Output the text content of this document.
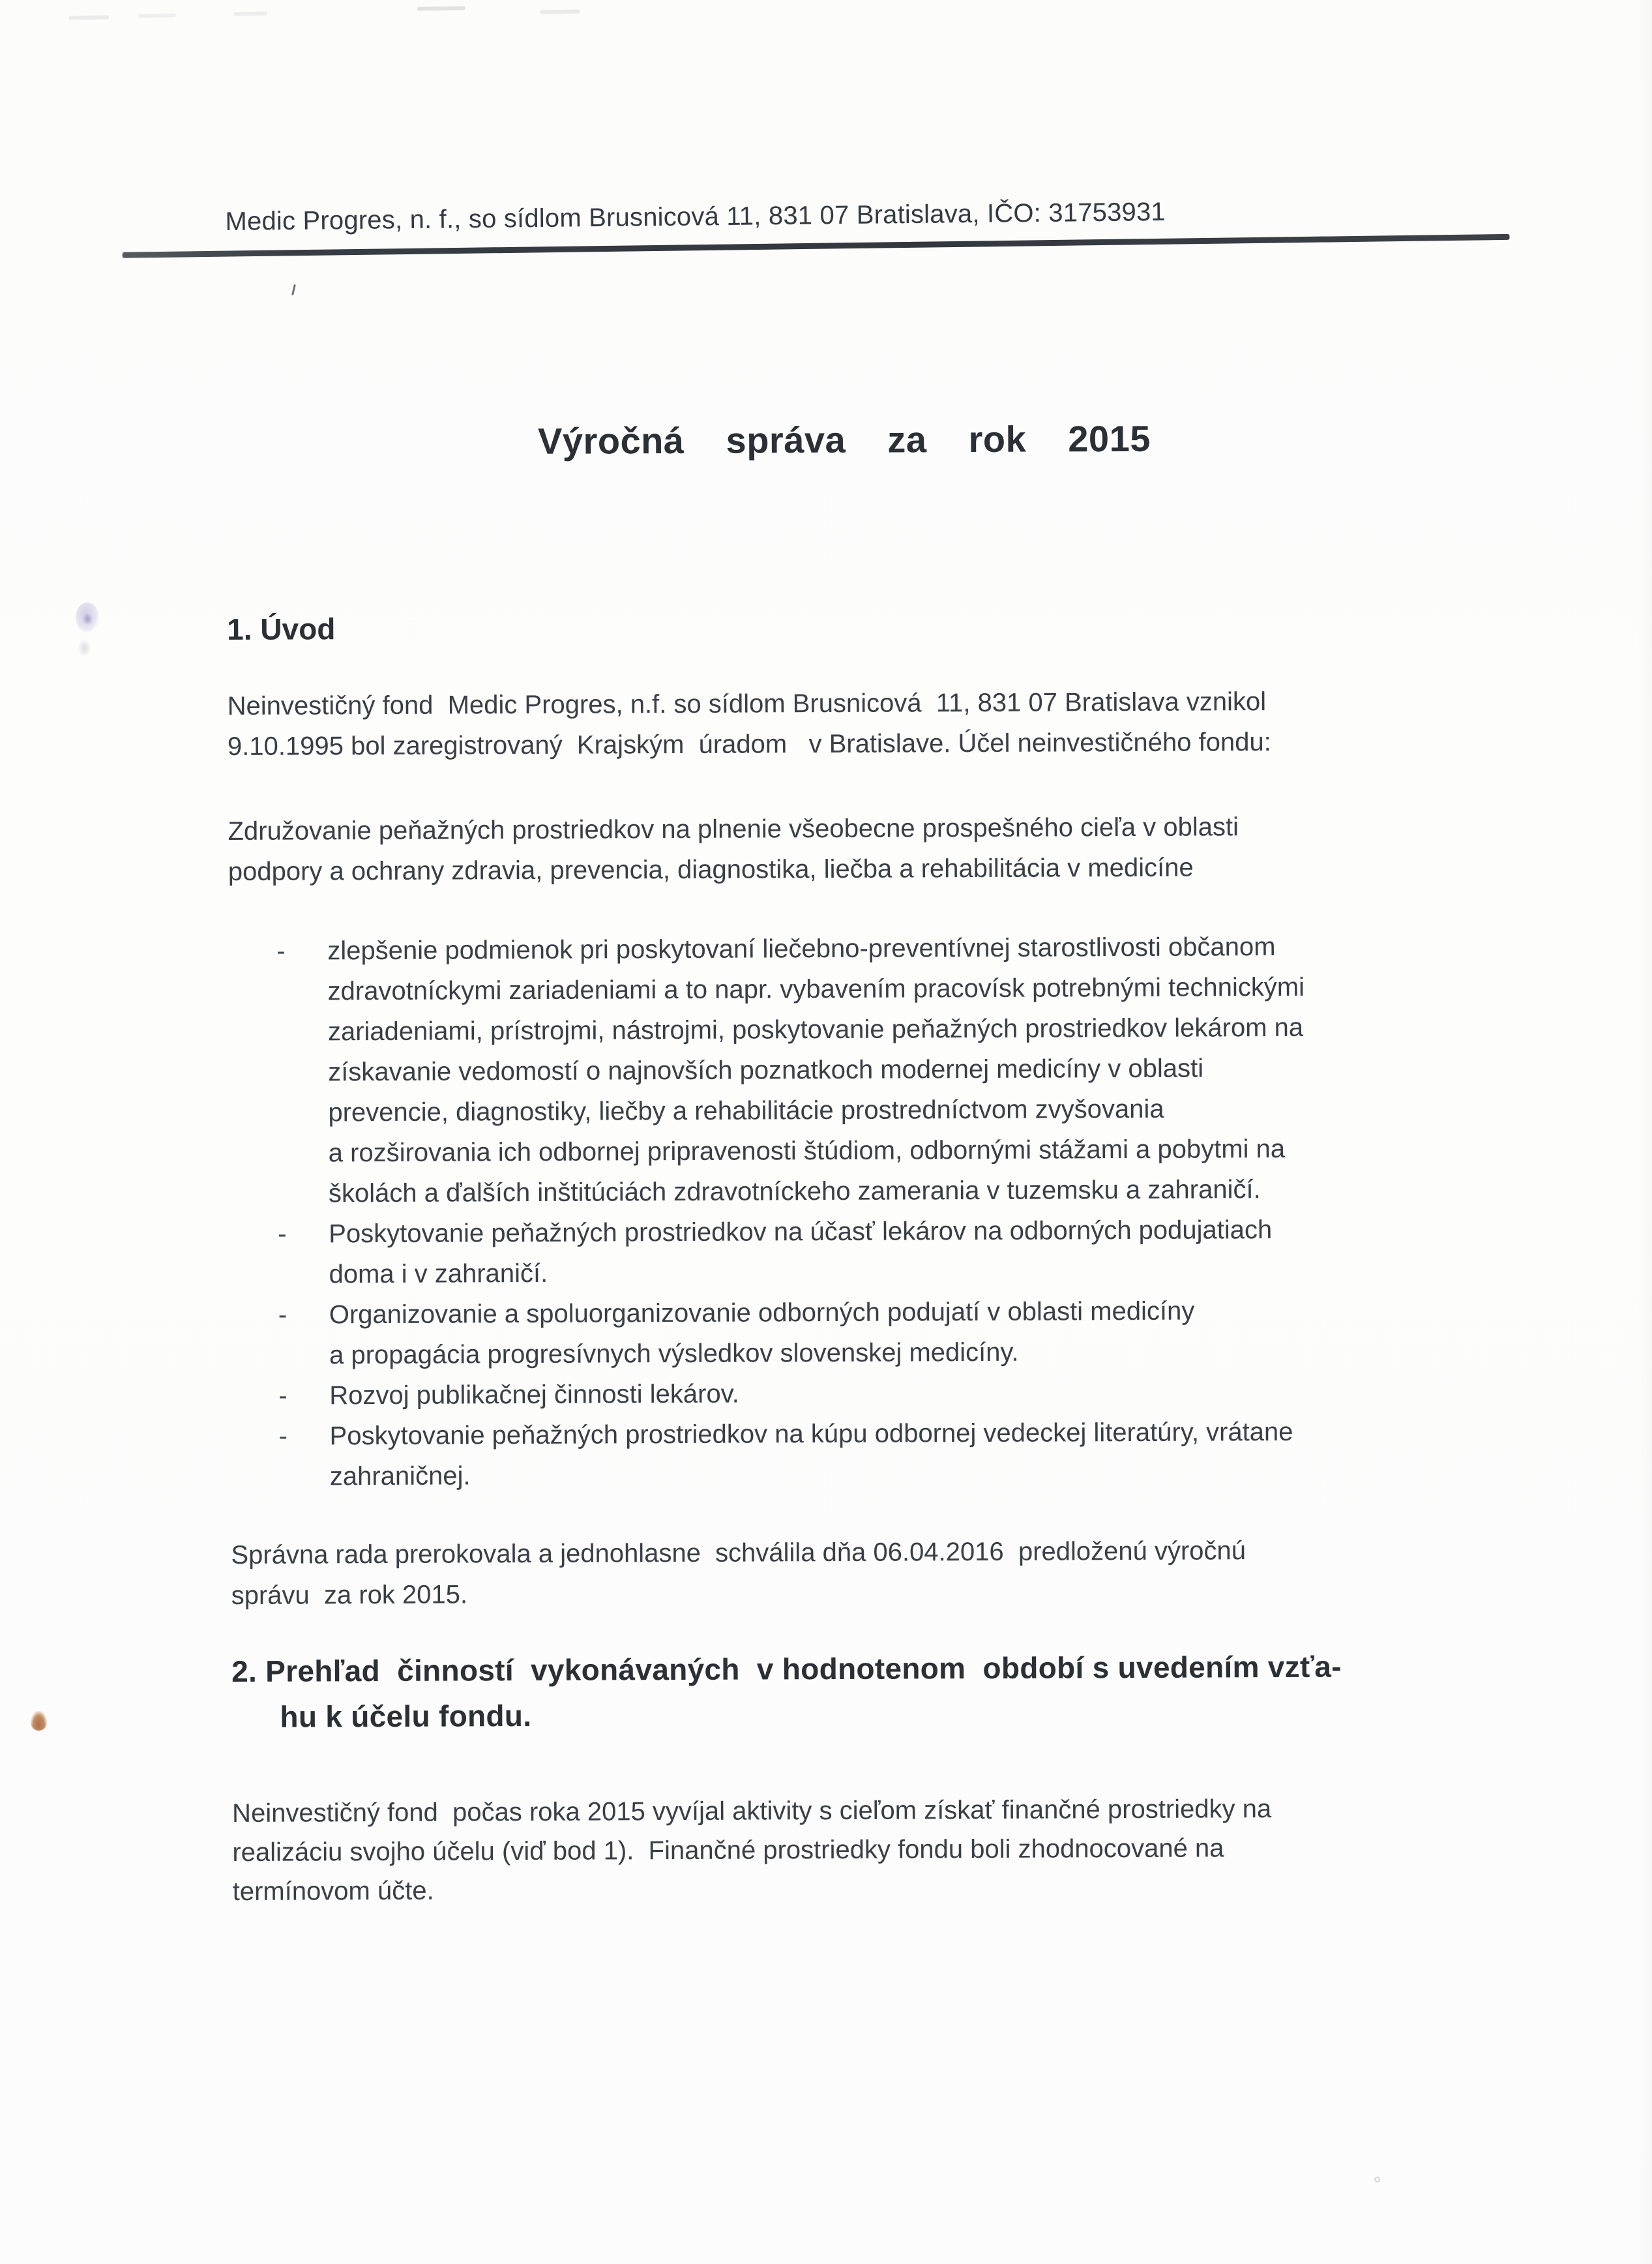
Medic Progres, n. f., so sídlom Brusnicová 11, 831 07 Bratislava, IČO: 31753931
Výročná  správa  za  rok  2015
1. Úvod

Neinvestičný fond  Medic Progres, n.f. so sídlom Brusnicová  11, 831 07 Bratislava vznikol
9.10.1995 bol zaregistrovaný  Krajským  úradom   v Bratislave. Účel neinvestičného fondu:

Združovanie peňažných prostriedkov na plnenie všeobecne prospešného cieľa v oblasti
podpory a ochrany zdravia, prevencia, diagnostika, liečba a rehabilitácia v medicíne

-	zlepšenie podmienok pri poskytovaní liečebno-preventívnej starostlivosti občanom
zdravotníckymi zariadeniami a to napr. vybavením pracovísk potrebnými technickými
zariadeniami, prístrojmi, nástrojmi, poskytovanie peňažných prostriedkov lekárom na
získavanie vedomostí o najnovších poznatkoch modernej medicíny v oblasti
prevencie, diagnostiky, liečby a rehabilitácie prostredníctvom zvyšovania
a rozširovania ich odbornej pripravenosti štúdiom, odbornými stážami a pobytmi na
školách a ďalších inštitúciách zdravotníckeho zamerania v tuzemsku a zahraničí.
-	Poskytovanie peňažných prostriedkov na účasť lekárov na odborných podujatiach
doma i v zahraničí.
-	Organizovanie a spoluorganizovanie odborných podujatí v oblasti medicíny
a propagácia progresívnych výsledkov slovenskej medicíny.
-	Rozvoj publikačnej činnosti lekárov.
-	Poskytovanie peňažných prostriedkov na kúpu odbornej vedeckej literatúry, vrátane
zahraničnej.

Správna rada prerokovala a jednohlasne  schválila dňa 06.04.2016  predloženú výročnú
správu  za rok 2015.

2. Prehľad  činností  vykonávaných  v hodnotenom  období s uvedením vzťa-
hu k účelu fondu.

Neinvestičný fond  počas roka 2015 vyvíjal aktivity s cieľom získať finančné prostriedky na
realizáciu svojho účelu (viď bod 1).  Finančné prostriedky fondu boli zhodnocované na
termínovom účte.
